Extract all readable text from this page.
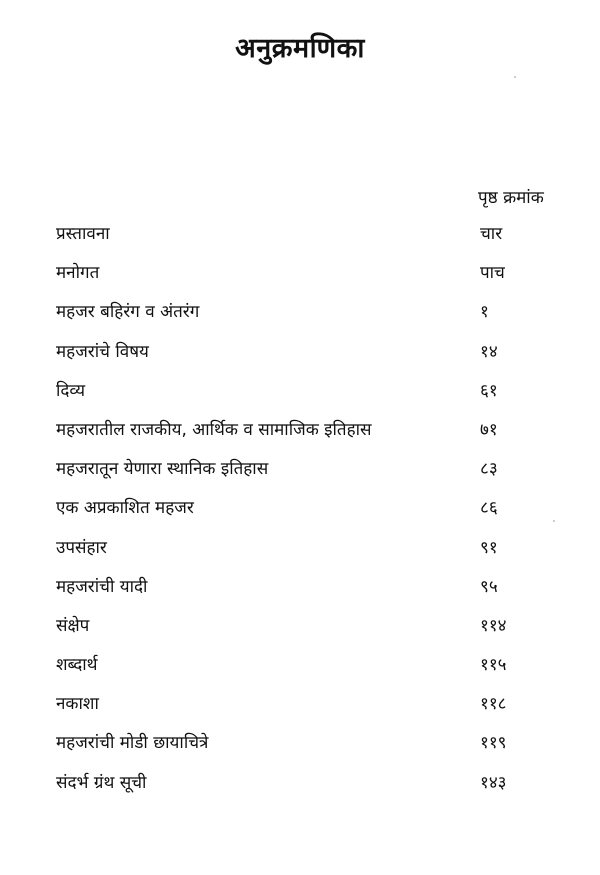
अनुक्रमणिका
पृष्ठ क्रमांक
प्रस्तावना	चार
मनोगत	पाच
महजर बहिरंग व अंतरंग	१
महजरांचे विषय	१४
दिव्य	६१
महजरातील राजकीय, आर्थिक व सामाजिक इतिहास	७१
महजरातून येणारा स्थानिक इतिहास	८३
एक अप्रकाशित महजर	८६
उपसंहार	९१
महजरांची यादी	९५
संक्षेप	११४
शब्दार्थ	११५
नकाशा	११८
महजरांची मोडी छायाचित्रे	११९
संदर्भ ग्रंथ सूची	१४३
